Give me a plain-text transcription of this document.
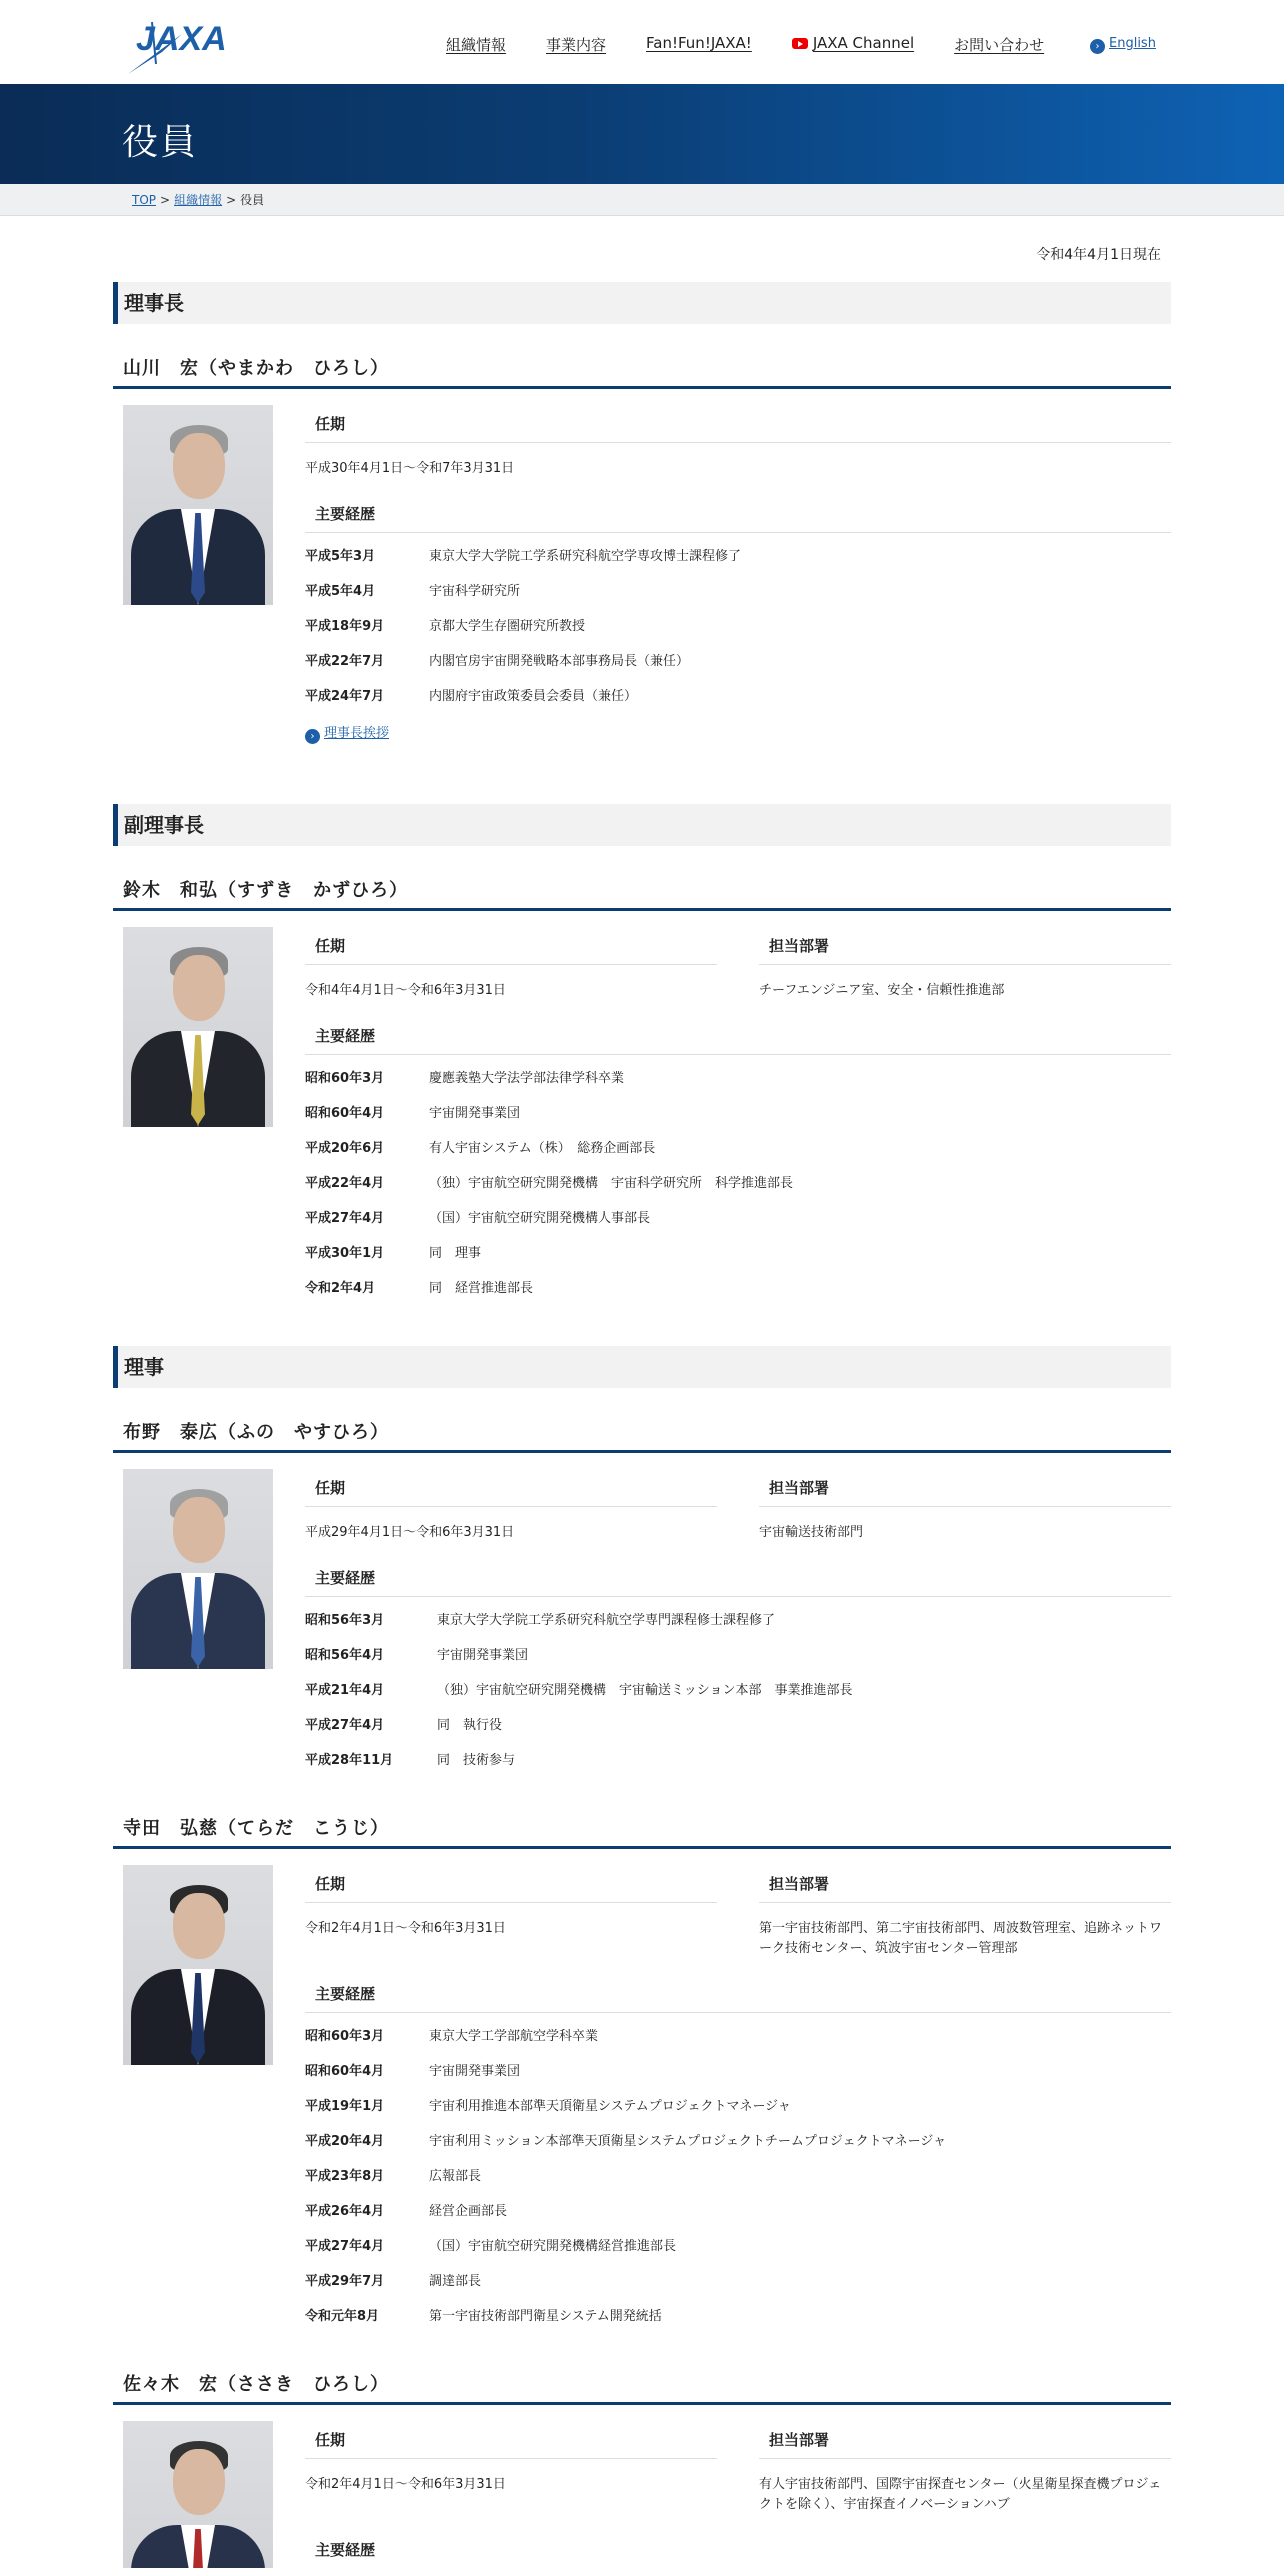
JAXA	組織情報	事業内容	Fan!Fun!JAXA!	JAXA Channel	お問い合わせ	› English
役員
TOP > 組織情報 > 役員
令和4年4月1日現在
理事長
山川　宏（やまかわ　ひろし）
任期
平成30年4月1日～令和7年3月31日
主要経歴
平成5年3月	東京大学大学院工学系研究科航空学専攻博士課程修了
平成5年4月	宇宙科学研究所
平成18年9月	京都大学生存圏研究所教授
平成22年7月	内閣官房宇宙開発戦略本部事務局長（兼任）
平成24年7月	内閣府宇宙政策委員会委員（兼任）
› 理事長挨拶
副理事長
鈴木　和弘（すずき　かずひろ）
任期
令和4年4月1日～令和6年3月31日
担当部署
チーフエンジニア室、安全・信頼性推進部
主要経歴
昭和60年3月	慶應義塾大学法学部法律学科卒業
昭和60年4月	宇宙開発事業団
平成20年6月	有人宇宙システム（株）　総務企画部長
平成22年4月	（独）宇宙航空研究開発機構　宇宙科学研究所　科学推進部長
平成27年4月	（国）宇宙航空研究開発機構人事部長
平成30年1月	同　理事
令和2年4月	同　経営推進部長
理事
布野　泰広（ふの　やすひろ）
任期
平成29年4月1日～令和6年3月31日
担当部署
宇宙輸送技術部門
主要経歴
昭和56年3月	東京大学大学院工学系研究科航空学専門課程修士課程修了
昭和56年4月	宇宙開発事業団
平成21年4月	（独）宇宙航空研究開発機構　宇宙輸送ミッション本部　事業推進部長
平成27年4月	同　執行役
平成28年11月	同　技術参与
寺田　弘慈（てらだ　こうじ）
任期
令和2年4月1日～令和6年3月31日
担当部署
第一宇宙技術部門、第二宇宙技術部門、周波数管理室、追跡ネットワーク技術センター、筑波宇宙センター管理部
主要経歴
昭和60年3月	東京大学工学部航空学科卒業
昭和60年4月	宇宙開発事業団
平成19年1月	宇宙利用推進本部準天頂衛星システムプロジェクトマネージャ
平成20年4月	宇宙利用ミッション本部準天頂衛星システムプロジェクトチームプロジェクトマネージャ
平成23年8月	広報部長
平成26年4月	経営企画部長
平成27年4月	（国）宇宙航空研究開発機構経営推進部長
平成29年7月	調達部長
令和元年8月	第一宇宙技術部門衛星システム開発統括
佐々木　宏（ささき　ひろし）
任期
令和2年4月1日～令和6年3月31日
担当部署
有人宇宙技術部門、国際宇宙探査センター（火星衛星探査機プロジェクトを除く）、宇宙探査イノベーションハブ
主要経歴
